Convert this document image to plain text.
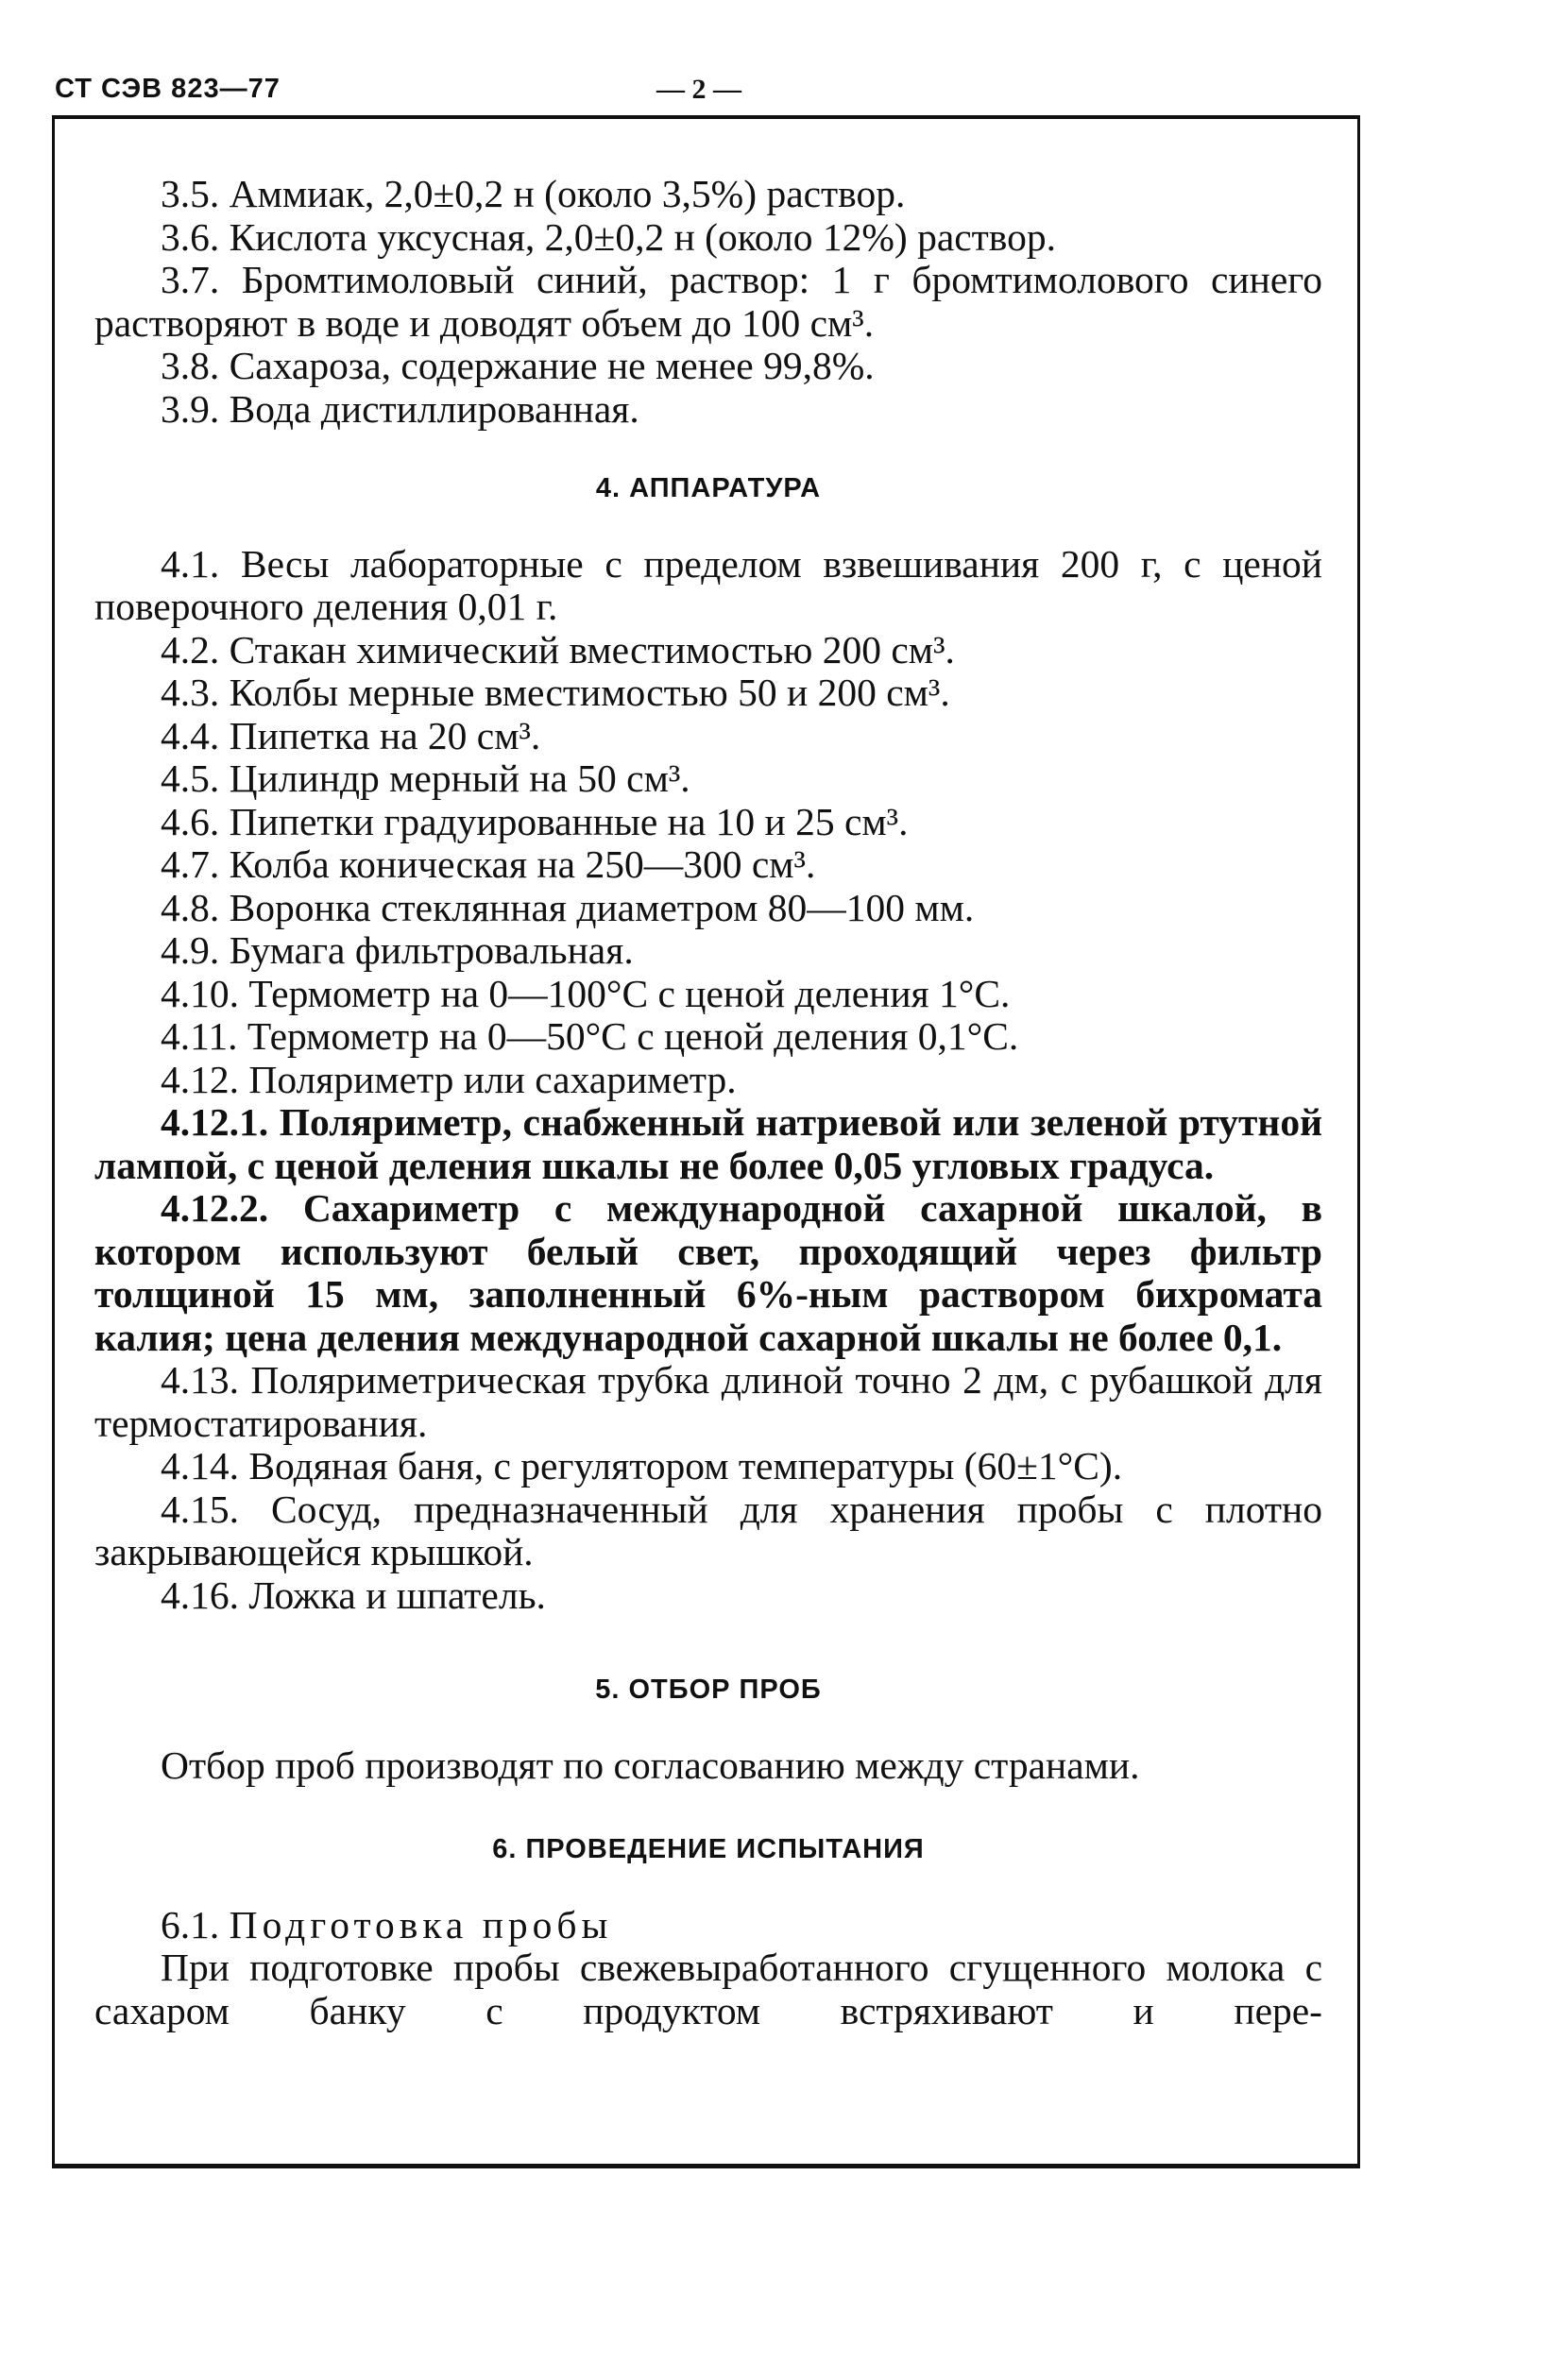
СТ СЭВ 823—77	— 2 —

3.5. Аммиак, 2,0±0,2 н (около 3,5%) раствор.

3.6. Кислота уксусная, 2,0±0,2 н (около 12%) раствор.

3.7. Бромтимоловый синий, раствор: 1 г бромтимолового синего растворяют в воде и доводят объем до 100 см³.

3.8. Сахароза, содержание не менее 99,8%.

3.9. Вода дистиллированная.

4. АППАРАТУРА

4.1. Весы лабораторные с пределом взвешивания 200 г, с ценой поверочного деления 0,01 г.

4.2. Стакан химический вместимостью 200 см³.

4.3. Колбы мерные вместимостью 50 и 200 см³.

4.4. Пипетка на 20 см³.

4.5. Цилиндр мерный на 50 см³.

4.6. Пипетки градуированные на 10 и 25 см³.

4.7. Колба коническая на 250—300 см³.

4.8. Воронка стеклянная диаметром 80—100 мм.

4.9. Бумага фильтровальная.

4.10. Термометр на 0—100°С с ценой деления 1°С.

4.11. Термометр на 0—50°С с ценой деления 0,1°С.

4.12. Поляриметр или сахариметр.

4.12.1. Поляриметр, снабженный натриевой или зеленой ртутной лампой, с ценой деления шкалы не более 0,05 угловых градуса.

4.12.2. Сахариметр с международной сахарной шкалой, в котором используют белый свет, проходящий через фильтр толщиной 15 мм, заполненный 6%-ным раствором бихромата калия; цена деления международной сахарной шкалы не более 0,1.

4.13. Поляриметрическая трубка длиной точно 2 дм, с рубашкой для термостатирования.

4.14. Водяная баня, с регулятором температуры (60±1°С).

4.15. Сосуд, предназначенный для хранения пробы с плотно закрывающейся крышкой.

4.16. Ложка и шпатель.

5. ОТБОР ПРОБ

Отбор проб производят по согласованию между странами.

6. ПРОВЕДЕНИЕ ИСПЫТАНИЯ

6.1. Подготовка пробы

При подготовке пробы свежевыработанного сгущенного молока с сахаром банку с продуктом встряхивают и пере-
